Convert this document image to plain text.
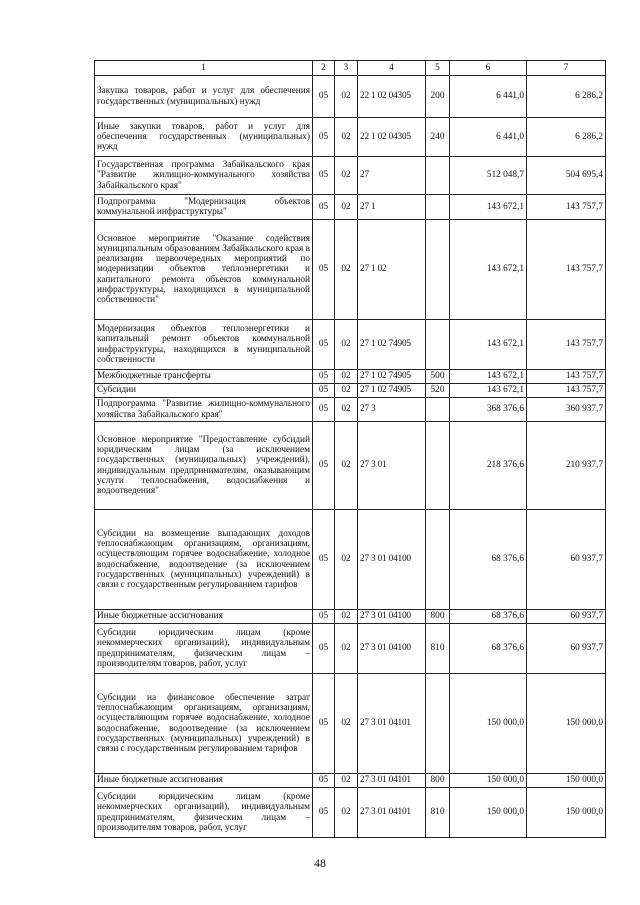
1	2	3	4	5	6	7
Закупка товаров, работ и услуг для обеспечения государственных (муниципальных) нужд	05	02	22 1 02 04305	200	6 441,0	6 286,2
Иные закупки товаров, работ и услуг для обеспечения государственных (муниципальных) нужд	05	02	22 1 02 04305	240	6 441,0	6 286,2
Государственная программа Забайкальского края "Развитие жилищно-коммунального хозяйства Забайкальского края"	05	02	27		512 048,7	504 695,4
Подпрограмма "Модернизация объектов коммунальной инфраструктуры"	05	02	27 1		143 672,1	143 757,7
Основное мероприятие "Оказание содействия муниципальным образованиям Забайкальского края в реализации первоочередных мероприятий по модернизации объектов теплоэнергетики и капитального ремонта объектов коммунальной инфраструктуры, находящихся в муниципальной собственности"	05	02	27 1 02		143 672,1	143 757,7
Модернизация объектов теплоэнергетики и капитальный ремонт объектов коммунальной инфраструктуры, находящихся в муниципальной собственности	05	02	27 1 02 74905		143 672,1	143 757,7
Межбюджетные трансферты	05	02	27 1 02 74905	500	143 672,1	143 757,7
Субсидии	05	02	27 1 02 74905	520	143 672,1	143 757,7
Подпрограмма "Развитие жилищно-коммунального хозяйства Забайкальского края"	05	02	27 3		368 376,6	360 937,7
Основное мероприятие "Предоставление субсидий юридическим лицам (за исключением государственных (муниципальных) учреждений), индивидуальным предпринимателям, оказывающим услуги теплоснабжения, водоснабжения и водоотведения"	05	02	27 3 01		218 376,6	210 937,7
Субсидии на возмещение выпадающих доходов теплоснабжающим организациям, организациям, осуществляющим горячее водоснабжение, холодное водоснабжение, водоотведение (за исключением государственных (муниципальных) учреждений) в связи с государственным регулированием тарифов	05	02	27 3 01 04100		68 376,6	60 937,7
Иные бюджетные ассигнования	05	02	27 3 01 04100	800	68 376,6	60 937,7
Субсидии юридическим лицам (кроме некоммерческих организаций), индивидуальным предпринимателям, физическим лицам – производителям товаров, работ, услуг	05	02	27 3 01 04100	810	68 376,6	60 937,7
Субсидии на финансовое обеспечение затрат теплоснабжающим организациям, организациям, осуществляющим горячее водоснабжение, холодное водоснабжение, водоотведение (за исключением государственных (муниципальных) учреждений) в связи с государственным регулированием тарифов	05	02	27 3 01 04101		150 000,0	150 000,0
Иные бюджетные ассигнования	05	02	27 3 01 04101	800	150 000,0	150 000,0
Субсидии юридическим лицам (кроме некоммерческих организаций), индивидуальным предпринимателям, физическим лицам – производителям товаров, работ, услуг	05	02	27 3 01 04101	810	150 000,0	150 000,0
48
